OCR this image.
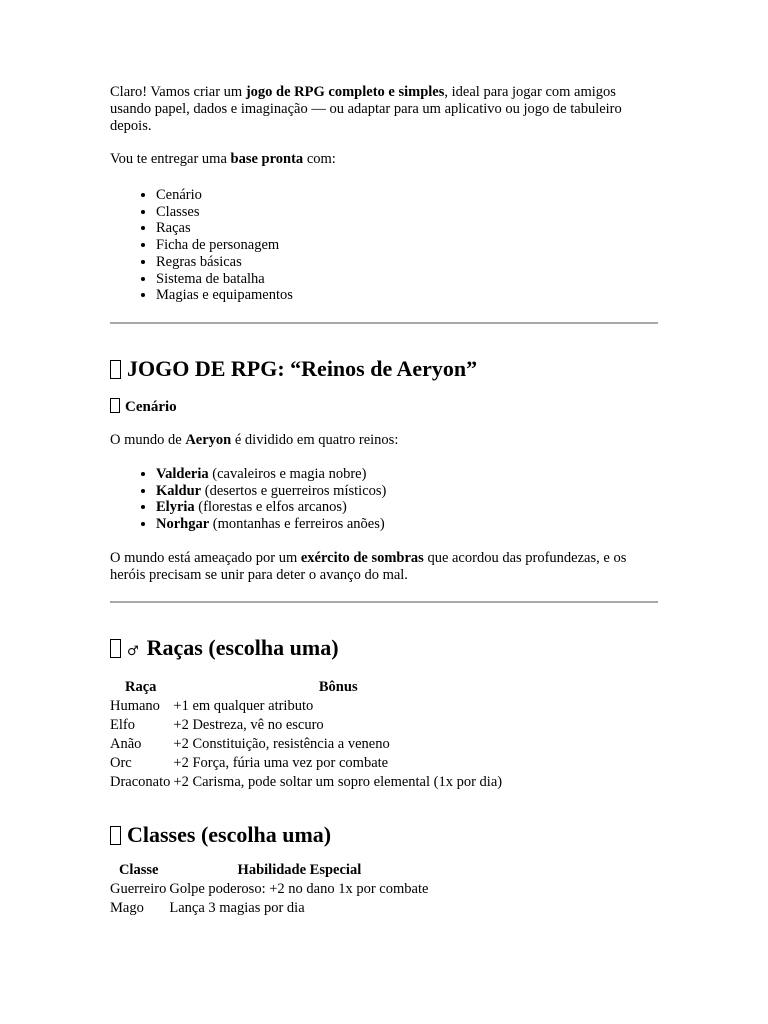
Claro! Vamos criar um jogo de RPG completo e simples, ideal para jogar com amigos usando papel, dados e imaginação — ou adaptar para um aplicativo ou jogo de tabuleiro depois.

Vou te entregar uma base pronta com:

• Cenário
• Classes
• Raças
• Ficha de personagem
• Regras básicas
• Sistema de batalha
• Magias e equipamentos
JOGO DE RPG: “Reinos de Aeryon”
Cenário

O mundo de Aeryon é dividido em quatro reinos:

• Valderia (cavaleiros e magia nobre)
• Kaldur (desertos e guerreiros místicos)
• Elyria (florestas e elfos arcanos)
• Norhgar (montanhas e ferreiros anões)

O mundo está ameaçado por um exército de sombras que acordou das profundezas, e os heróis precisam se unir para deter o avanço do mal.

♂ Raças (escolha uma)
Raça	Bônus
Humano	+1 em qualquer atributo
Elfo	+2 Destreza, vê no escuro
Anão	+2 Constituição, resistência a veneno
Orc	+2 Força, fúria uma vez por combate
Draconato	+2 Carisma, pode soltar um sopro elemental (1x por dia)
Classes (escolha uma)
Classe	Habilidade Especial
Guerreiro	Golpe poderoso: +2 no dano 1x por combate
Mago	Lança 3 magias por dia
